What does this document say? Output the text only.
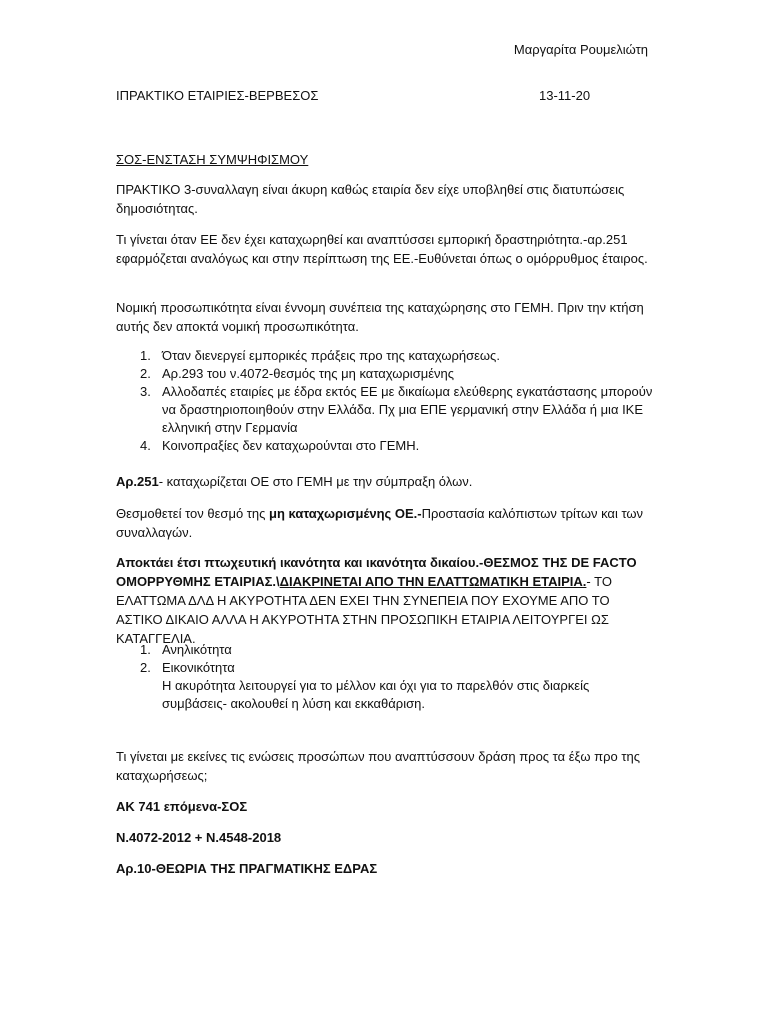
Μαργαρίτα Ρουμελιώτη
ΙΠΡΑΚΤΙΚΟ ΕΤΑΙΡΙΕΣ-ΒΕΡΒΕΣΟΣ	13-11-20

ΣΟΣ-ΕΝΣΤΑΣΗ ΣΥΜΨΗΦΙΣΜΟΥ

ΠΡΑΚΤΙΚΟ 3-συναλλαγη είναι άκυρη καθώς εταιρία δεν είχε υποβληθεί στις διατυπώσεις δημοσιότητας.

Τι γίνεται όταν ΕΕ δεν έχει καταχωρηθεί και αναπτύσσει εμπορική δραστηριότητα.-αρ.251 εφαρμόζεται αναλόγως και στην περίπτωση της ΕΕ.-Ευθύνεται όπως ο ομόρρυθμος έταιρος.

Νομική προσωπικότητα είναι έννομη συνέπεια της καταχώρησης στο ΓΕΜΗ. Πριν την κτήση αυτής δεν αποκτά νομική προσωπικότητα.

1. Όταν διενεργεί εμπορικές πράξεις προ της καταχωρήσεως.
2. Αρ.293 του ν.4072-θεσμός της μη καταχωρισμένης
3. Αλλοδαπές εταιρίες με έδρα εκτός ΕΕ με δικαίωμα ελεύθερης εγκατάστασης μπορούν να δραστηριοποιηθούν στην Ελλάδα. Πχ μια ΕΠΕ γερμανική στην Ελλάδα ή μια ΙΚΕ ελληνική στην Γερμανία
4. Κοινοπραξίες δεν καταχωρούνται στο ΓΕΜΗ.

Αρ.251- καταχωρίζεται ΟΕ στο ΓΕΜΗ με την σύμπραξη όλων.

Θεσμοθετεί τον θεσμό της μη καταχωρισμένης ΟΕ.-Προστασία καλόπιστων τρίτων και των συναλλαγών.

Αποκτάει έτσι πτωχευτική ικανότητα και ικανότητα δικαίου.-ΘΕΣΜΟΣ ΤΗΣ DE FACTO ΟΜΟΡΡΥΘΜΗΣ ΕΤΑΙΡΙΑΣ.\ΔΙΑΚΡΙΝΕΤΑΙ ΑΠΟ ΤΗΝ ΕΛΑΤΤΩΜΑΤΙΚΗ ΕΤΑΙΡΙΑ.- ΤΟ ΕΛΑΤΤΩΜΑ ΔΛΔ Η ΑΚΥΡΟΤΗΤΑ ΔΕΝ ΕΧΕΙ ΤΗΝ ΣΥΝΕΠΕΙΑ ΠΟΥ ΕΧΟΥΜΕ ΑΠΟ ΤΟ ΑΣΤΙΚΟ ΔΙΚΑΙΟ ΑΛΛΑ Η ΑΚΥΡΟΤΗΤΑ ΣΤΗΝ ΠΡΟΣΩΠΙΚΗ ΕΤΑΙΡΙΑ ΛΕΙΤΟΥΡΓΕΙ ΩΣ ΚΑΤΑΓΓΕΛΙΑ.

1. Ανηλικότητα
2. Εικονικότητα
Η ακυρότητα λειτουργεί για το μέλλον και όχι για το παρελθόν στις διαρκείς συμβάσεις- ακολουθεί η λύση και εκκαθάριση.

Τι γίνεται με εκείνες τις ενώσεις προσώπων που αναπτύσσουν δράση προς τα έξω προ της καταχωρήσεως;

ΑΚ 741 επόμενα-ΣΟΣ

Ν.4072-2012 + Ν.4548-2018

Αρ.10-ΘΕΩΡΙΑ ΤΗΣ ΠΡΑΓΜΑΤΙΚΗΣ ΕΔΡΑΣ
